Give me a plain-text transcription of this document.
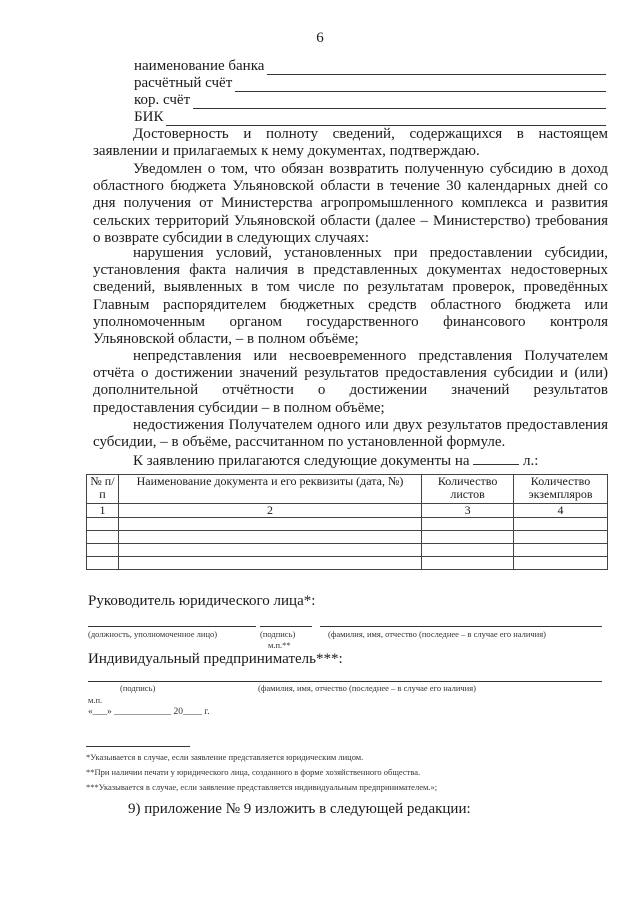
6
наименование банка
расчётный счёт
кор. счёт
БИК

Достоверность и полноту сведений, содержащихся в настоящем заявлении и прилагаемых к нему документах, подтверждаю.

Уведомлен о том, что обязан возвратить полученную субсидию в доход областного бюджета Ульяновской области в течение 30 календарных дней со дня получения от Министерства агропромышленного комплекса и развития сельских территорий Ульяновской области (далее – Министерство) требования о возврате субсидии в следующих случаях:

нарушения условий, установленных при предоставлении субсидии, установления факта наличия в представленных документах недостоверных сведений, выявленных в том числе по результатам проверок, проведённых Главным распорядителем бюджетных средств областного бюджета или уполномоченным органом государственного финансового контроля Ульяновской области, – в полном объёме;

непредставления или несвоевременного представления Получателем отчёта о достижении значений результатов предоставления субсидии и (или) дополнительной отчётности о достижении значений результатов предоставления субсидии – в полном объёме;

недостижения Получателем одного или двух результатов предоставления субсидии, – в объёме, рассчитанном по установленной формуле.

К заявлению прилагаются следующие документы на	л.:

№ п/п	Наименование документа и его реквизиты (дата, №)	Количество листов	Количество экземпляров
1	2	3	4

Руководитель юридического лица*:
(должность, уполномоченное лицо)	(подпись)	(фамилия, имя, отчество (последнее – в случае его наличия)
м.п.**
Индивидуальный предприниматель***:
(подпись)	(фамилия, имя, отчество (последнее – в случае его наличия)
м.п.
«___» ____________ 20____ г.
*Указывается в случае, если заявление представляется юридическим лицом.
**При наличии печати у юридического лица, созданного в форме хозяйственного общества.
***Указывается в случае, если заявление представляется индивидуальным предпринимателем.»;
9) приложение № 9 изложить в следующей редакции:
